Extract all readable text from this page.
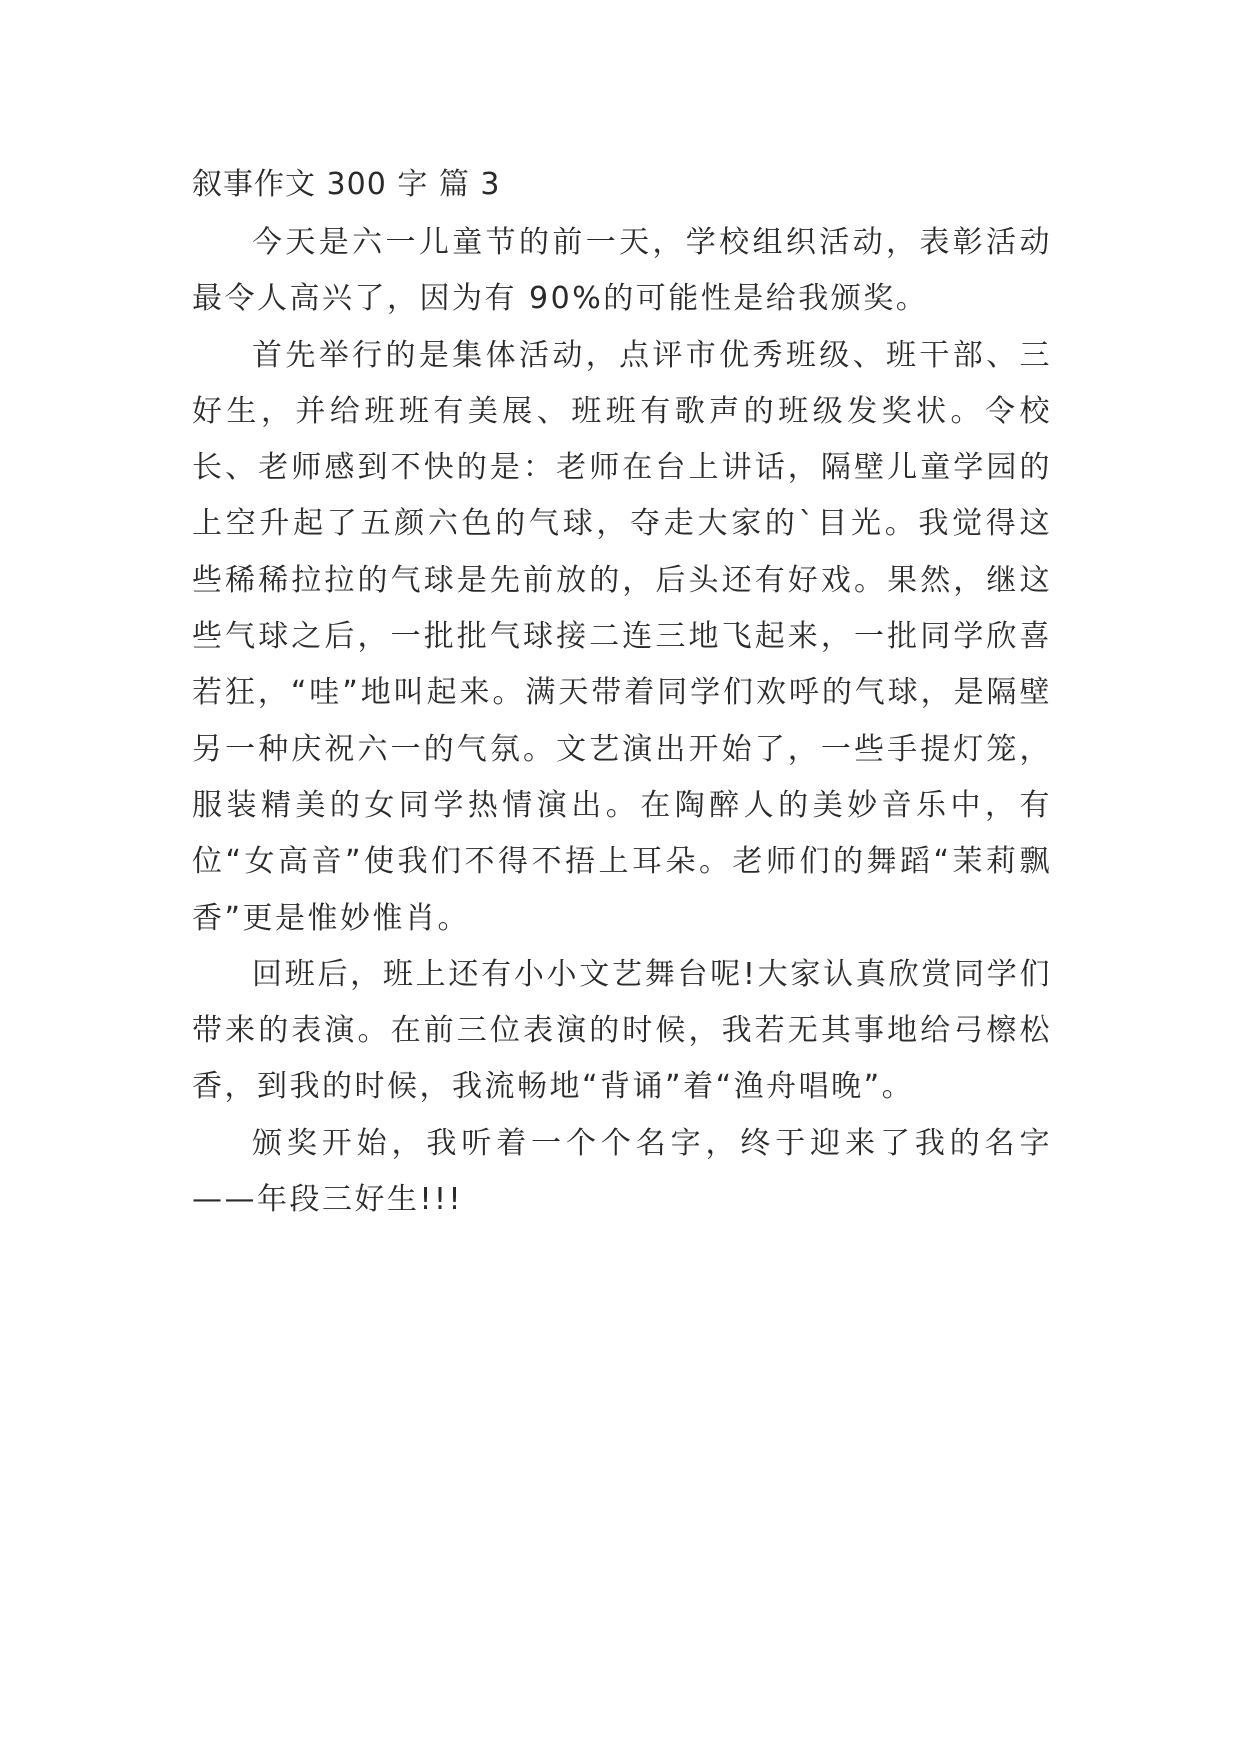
叙事作文 300 字 篇 3

今天是六一儿童节的前一天，学校组织活动，表彰活动最令人高兴了，因为有 90%的可能性是给我颁奖。

首先举行的是集体活动，点评市优秀班级、班干部、三好生，并给班班有美展、班班有歌声的班级发奖状。令校长、老师感到不快的是：老师在台上讲话，隔壁儿童学园的上空升起了五颜六色的气球，夺走大家的`目光。我觉得这些稀稀拉拉的气球是先前放的，后头还有好戏。果然，继这些气球之后，一批批气球接二连三地飞起来，一批同学欣喜若狂，“哇”地叫起来。满天带着同学们欢呼的气球，是隔壁另一种庆祝六一的气氛。文艺演出开始了，一些手提灯笼，服装精美的女同学热情演出。在陶醉人的美妙音乐中，有位“女高音”使我们不得不捂上耳朵。老师们的舞蹈“茉莉飘香”更是惟妙惟肖。

回班后，班上还有小小文艺舞台呢!大家认真欣赏同学们带来的表演。在前三位表演的时候，我若无其事地给弓檫松香，到我的时候，我流畅地“背诵”着“渔舟唱晚”。

颁奖开始，我听着一个个名字，终于迎来了我的名字——年段三好生!!!
